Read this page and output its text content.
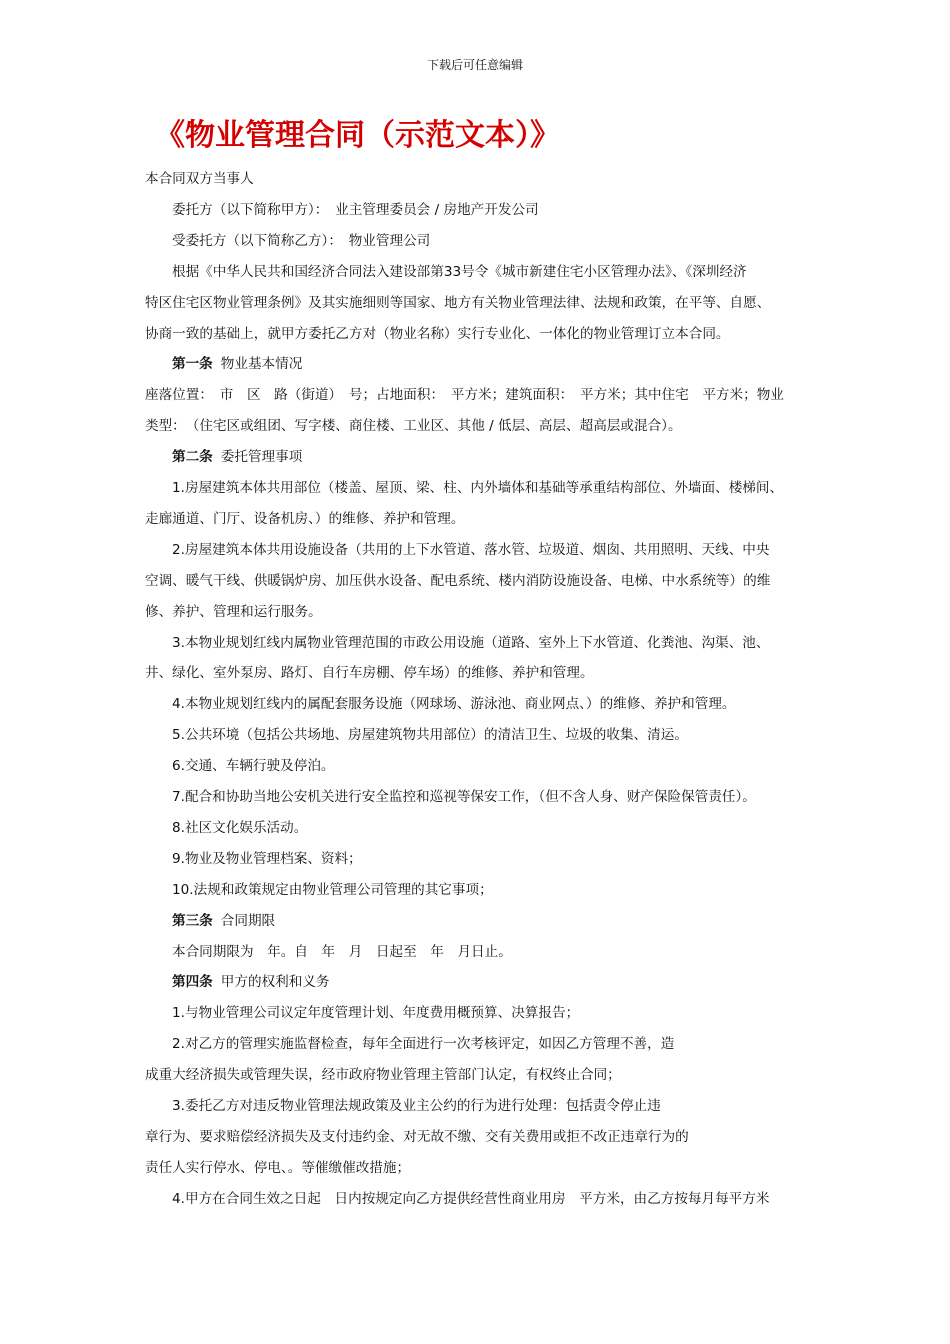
下载后可任意编辑
《物业管理合同（示范文本）》
本合同双方当事人
委托方（以下简称甲方）：　业主管理委员会 / 房地产开发公司
受委托方（以下简称乙方）：　物业管理公司
根据《中华人民共和国经济合同法入建设部第33号令《城市新建住宅小区管理办法》、《深圳经济
特区住宅区物业管理条例》及其实施细则等国家、地方有关物业管理法律、法规和政策，在平等、自愿、
协商一致的基础上，就甲方委托乙方对（物业名称）实行专业化、一体化的物业管理订立本合同。
第一条 物业基本情况
座落位置：　市　区　路（街道）　号；占地面积：　平方米；建筑面积：　平方米；其中住宅　平方米；物业
类型：　（住宅区或组团、写字楼、商住楼、工业区、其他 / 低层、高层、超高层或混合）。
第二条 委托管理事项
1.房屋建筑本体共用部位（楼盖、屋顶、梁、柱、内外墙体和基础等承重结构部位、外墙面、楼梯间、
走廊通道、门厅、设备机房、）的维修、养护和管理。
2.房屋建筑本体共用设施设备（共用的上下水管道、落水管、垃圾道、烟囱、共用照明、天线、中央
空调、暖气干线、供暖锅炉房、加压供水设备、配电系统、楼内消防设施设备、电梯、中水系统等）的维
修、养护、管理和运行服务。
3.本物业规划红线内属物业管理范围的市政公用设施（道路、室外上下水管道、化粪池、沟渠、池、
井、绿化、室外泵房、路灯、自行车房棚、停车场）的维修、养护和管理。
4.本物业规划红线内的属配套服务设施（网球场、游泳池、商业网点、）的维修、养护和管理。
5.公共环境（包括公共场地、房屋建筑物共用部位）的清洁卫生、垃圾的收集、清运。
6.交通、车辆行驶及停泊。
7.配合和协助当地公安机关进行安全监控和巡视等保安工作，（但不含人身、财产保险保管责任）。
8.社区文化娱乐活动。
9.物业及物业管理档案、资料；
10.法规和政策规定由物业管理公司管理的其它事项；
第三条 合同期限
本合同期限为　年。自　年　月　日起至　年　月日止。
第四条 甲方的权利和义务
1.与物业管理公司议定年度管理计划、年度费用概预算、决算报告；
2.对乙方的管理实施监督检查，每年全面进行一次考核评定，如因乙方管理不善，造
成重大经济损失或管理失误，经市政府物业管理主管部门认定，有权终止合同；
3.委托乙方对违反物业管理法规政策及业主公约的行为进行处理：包括责令停止违
章行为、要求赔偿经济损失及支付违约金、对无故不缴、交有关费用或拒不改正违章行为的
责任人实行停水、停电、。等催缴催改措施；
4.甲方在合同生效之日起　日内按规定向乙方提供经营性商业用房　平方米，由乙方按每月每平方米
